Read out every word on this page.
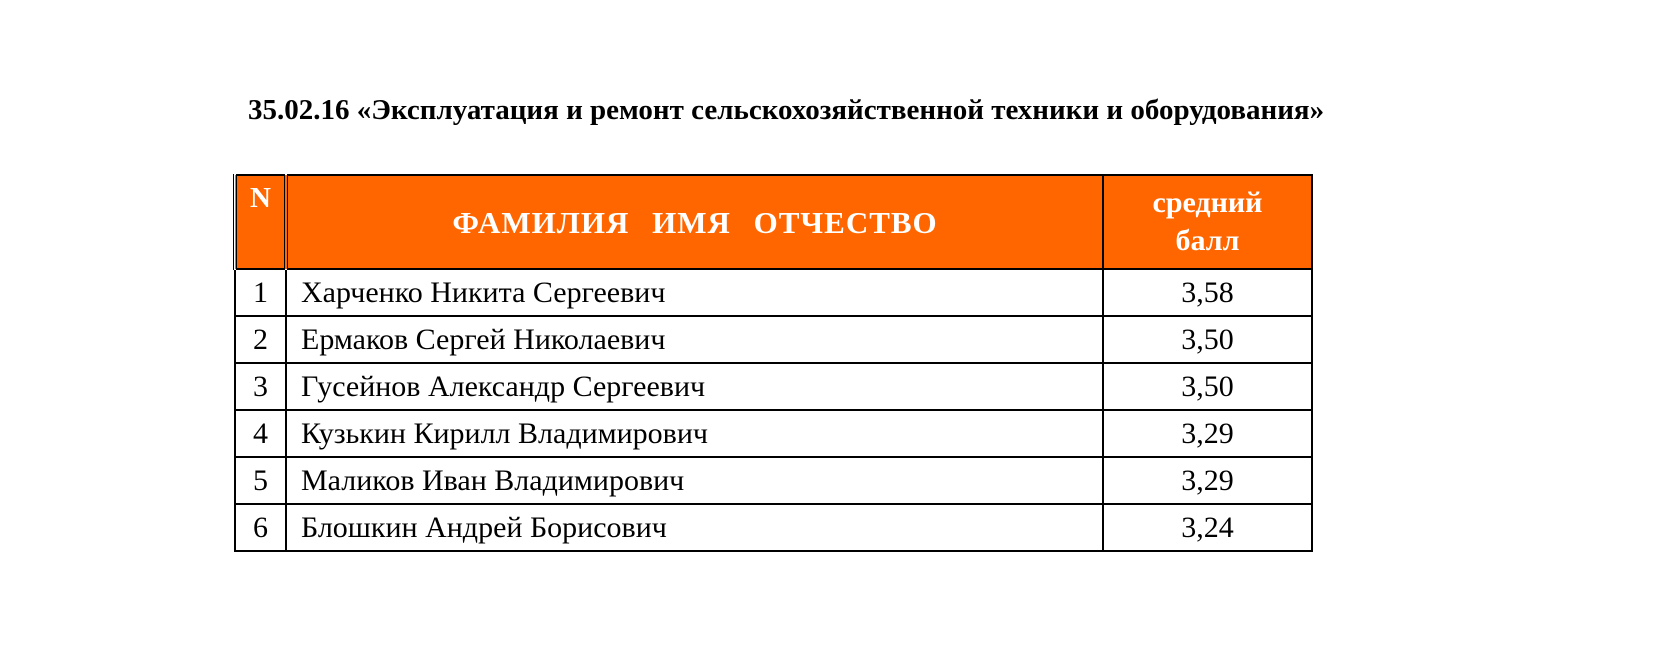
35.02.16 «Эксплуатация и ремонт сельскохозяйственной техники и оборудования»
N	ФАМИЛИЯ ИМЯ ОТЧЕСТВО	средний
балл
1	Харченко Никита Сергеевич	3,58
2	Ермаков Сергей Николаевич	3,50
3	Гусейнов Александр Сергеевич	3,50
4	Кузькин Кирилл Владимирович	3,29
5	Маликов Иван Владимирович	3,29
6	Блошкин Андрей Борисович	3,24
